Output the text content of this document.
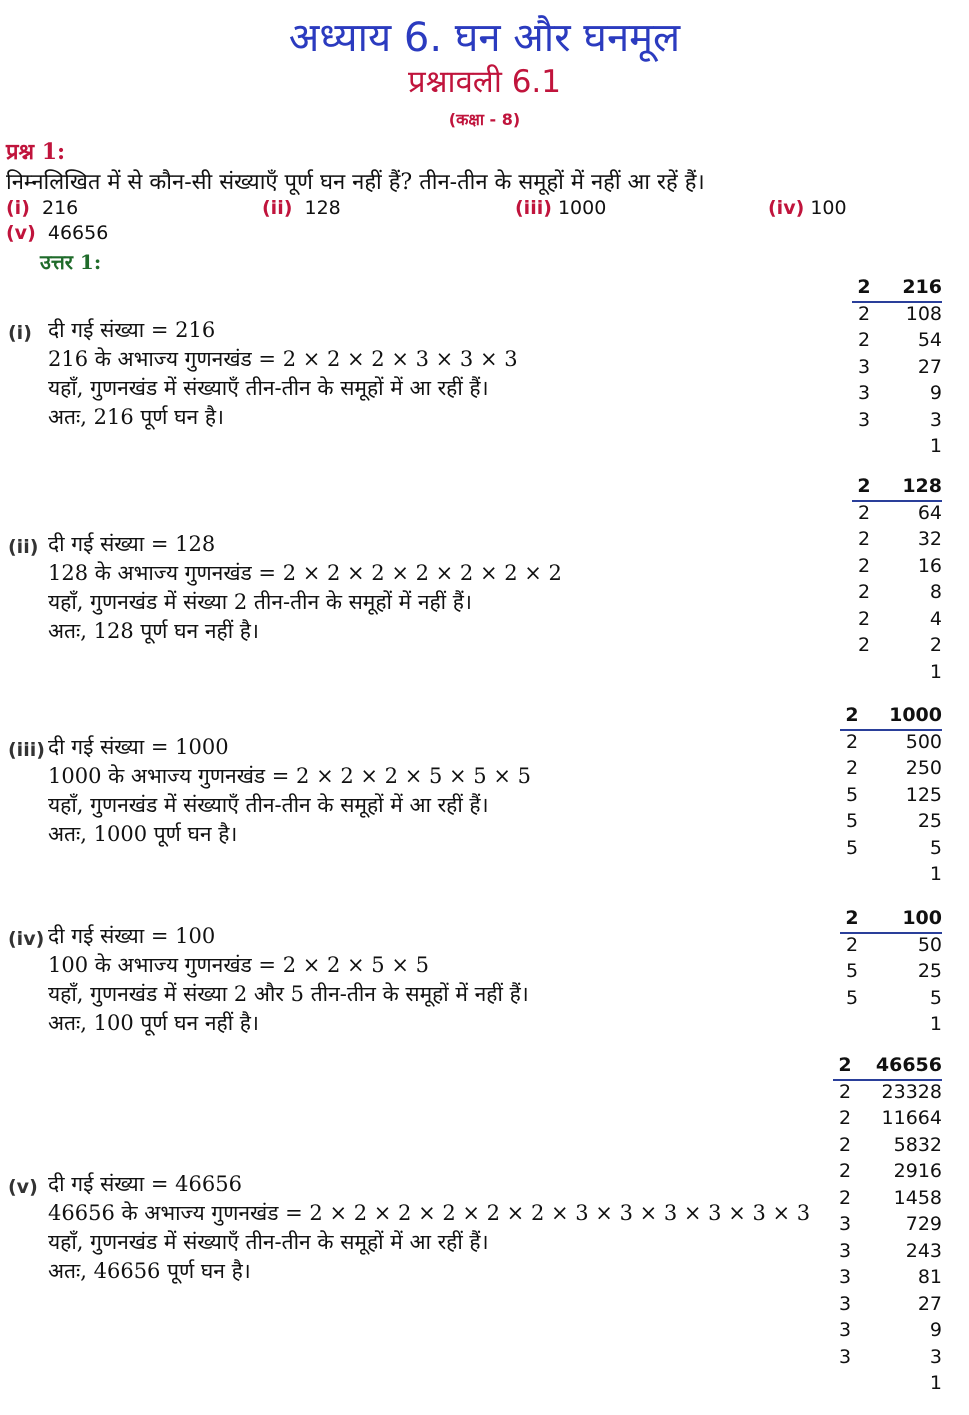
अध्याय 6. घन और घनमूल
प्रश्नावली 6.1
(कक्षा - 8)
प्रश्न 1:
निम्नलिखित में से कौन-सी संख्याएँ पूर्ण घन नहीं हैं? तीन-तीन के समूहों में नहीं आ रहें हैं।
(i) 216	(ii) 128	(iii) 1000	(iv) 100
(v) 46656
उत्तर 1:
(i) दी गई संख्या = 216
216 के अभाज्य गुणनखंड = 2 × 2 × 2 × 3 × 3 × 3
यहाँ, गुणनखंड में संख्याएँ तीन-तीन के समूहों में आ रहीं हैं।
अतः, 216 पूर्ण घन है।
2 216
2	108
2	54
3	27
3	9
3	3
1
(ii) दी गई संख्या = 128
128 के अभाज्य गुणनखंड = 2 × 2 × 2 × 2 × 2 × 2 × 2
यहाँ, गुणनखंड में संख्या 2 तीन-तीन के समूहों में नहीं हैं।
अतः, 128 पूर्ण घन नहीं है।
2 128
2	64
2	32
2	16
2	8
2	4
2	2
1
(iii) दी गई संख्या = 1000
1000 के अभाज्य गुणनखंड = 2 × 2 × 2 × 5 × 5 × 5
यहाँ, गुणनखंड में संख्याएँ तीन-तीन के समूहों में आ रहीं हैं।
अतः, 1000 पूर्ण घन है।
2 1000
2	500
2	250
5	125
5	25
5	5
1
(iv) दी गई संख्या = 100
100 के अभाज्य गुणनखंड = 2 × 2 × 5 × 5
यहाँ, गुणनखंड में संख्या 2 और 5 तीन-तीन के समूहों में नहीं हैं।
अतः, 100 पूर्ण घन नहीं है।
2 100
2	50
5	25
5	5
1
(v) दी गई संख्या = 46656
46656 के अभाज्य गुणनखंड = 2 × 2 × 2 × 2 × 2 × 2 × 3 × 3 × 3 × 3 × 3 × 3
यहाँ, गुणनखंड में संख्याएँ तीन-तीन के समूहों में आ रहीं हैं।
अतः, 46656 पूर्ण घन है।
2 46656
2	23328
2	11664
2	5832
2	2916
2	1458
3	729
3	243
3	81
3	27
3	9
3	3
1
